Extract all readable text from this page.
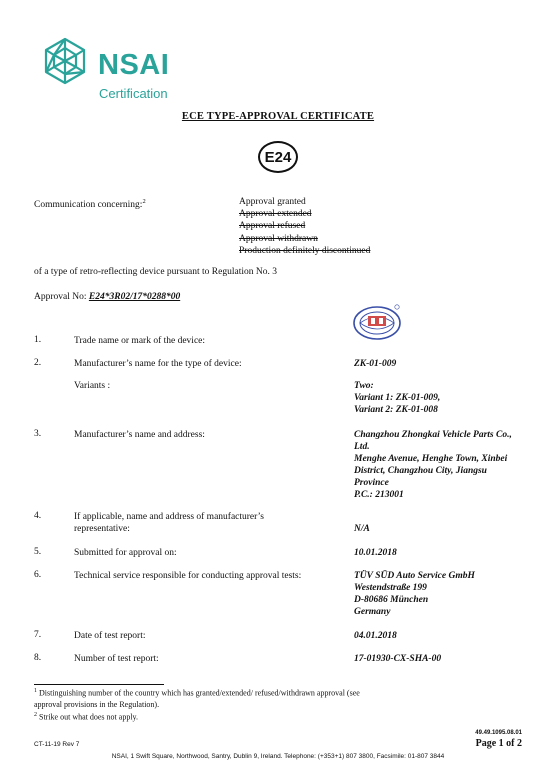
NSAI
Certification
ECE TYPE-APPROVAL CERTIFICATE
E24
Communication concerning:$^2$	Approval granted
Approval extended
Approval refused
Approval withdrawn
Production definitely discontinued
of a type of retro-reflecting device pursuant to Regulation No. 3
Approval No: E24*3R02/17*0288*00
1.	Trade name or mark of the device:
2.	Manufacturer’s name for the type of device:	ZK-01-009
Variants :	Two:
Variant 1: ZK-01-009,
Variant 2: ZK-01-008
3.	Manufacturer’s name and address:	Changzhou Zhongkai Vehicle Parts Co.,
Ltd.
Menghe Avenue, Henghe Town, Xinbei
District, Changzhou City, Jiangsu
Province
P.C.: 213001
4.	If applicable, name and address of manufacturer’s
representative:	N/A
5.	Submitted for approval on:	10.01.2018
6.	Technical service responsible for conducting approval tests:	TÜV SÜD Auto Service GmbH
Westendstraße 199
D-80686 München
Germany
7.	Date of test report:	04.01.2018
8.	Number of test report:	17-01930-CX-SHA-00
$^1$ Distinguishing number of the country which has granted/extended/ refused/withdrawn approval (see
approval provisions in the Regulation).
$^2$ Strike out what does not apply.
CT-11-19 Rev 7
49.49.1095.08.01
Page 1 of 2
NSAI, 1 Swift Square, Northwood, Santry, Dublin 9, Ireland. Telephone: (+353+1) 807 3800, Facsimile: 01-807 3844
